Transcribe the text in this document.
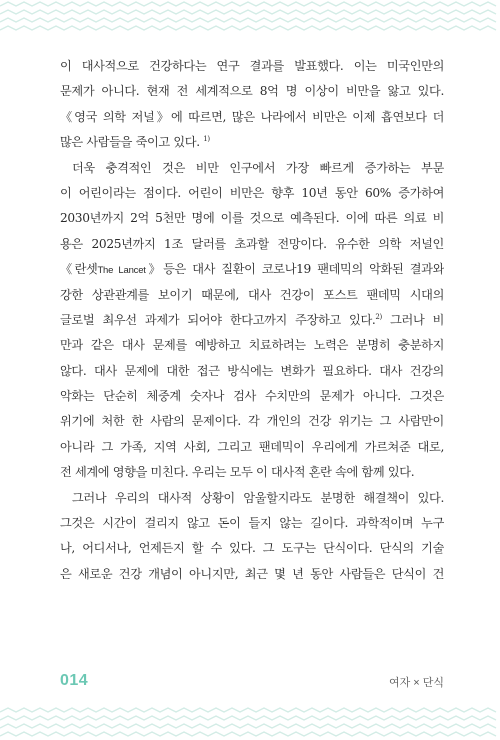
이 대사적으로 건강하다는 연구 결과를 발표했다. 이는 미국인만의
문제가 아니다. 현재 전 세계적으로 8억 명 이상이 비만을 앓고 있다.
《영국 의학 저널》에 따르면, 많은 나라에서 비만은 이제 흡연보다 더
많은 사람들을 죽이고 있다. $^{1)}$
더욱 충격적인 것은 비만 인구에서 가장 빠르게 증가하는 부문
이 어린이라는 점이다. 어린이 비만은 향후 10년 동안 60% 증가하여
2030년까지 2억 5천만 명에 이를 것으로 예측된다. 이에 따른 의료 비
용은 2025년까지 1조 달러를 초과할 전망이다. 유수한 의학 저널인
《란셋The Lancet》등은 대사 질환이 코로나19 팬데믹의 악화된 결과와
강한 상관관계를 보이기 때문에, 대사 건강이 포스트 팬데믹 시대의
글로벌 최우선 과제가 되어야 한다고까지 주장하고 있다.$^{2)}$ 그러나 비
만과 같은 대사 문제를 예방하고 치료하려는 노력은 분명히 충분하지
않다. 대사 문제에 대한 접근 방식에는 변화가 필요하다. 대사 건강의
악화는 단순히 체중계 숫자나 검사 수치만의 문제가 아니다. 그것은
위기에 처한 한 사람의 문제이다. 각 개인의 건강 위기는 그 사람만이
아니라 그 가족, 지역 사회, 그리고 팬데믹이 우리에게 가르쳐준 대로,
전 세계에 영향을 미친다. 우리는 모두 이 대사적 혼란 속에 함께 있다.
그러나 우리의 대사적 상황이 암울할지라도 분명한 해결책이 있다.
그것은 시간이 걸리지 않고 돈이 들지 않는 길이다. 과학적이며 누구
나, 어디서나, 언제든지 할 수 있다. 그 도구는 단식이다. 단식의 기술
은 새로운 건강 개념이 아니지만, 최근 몇 년 동안 사람들은 단식이 건
014	여자 × 단식
